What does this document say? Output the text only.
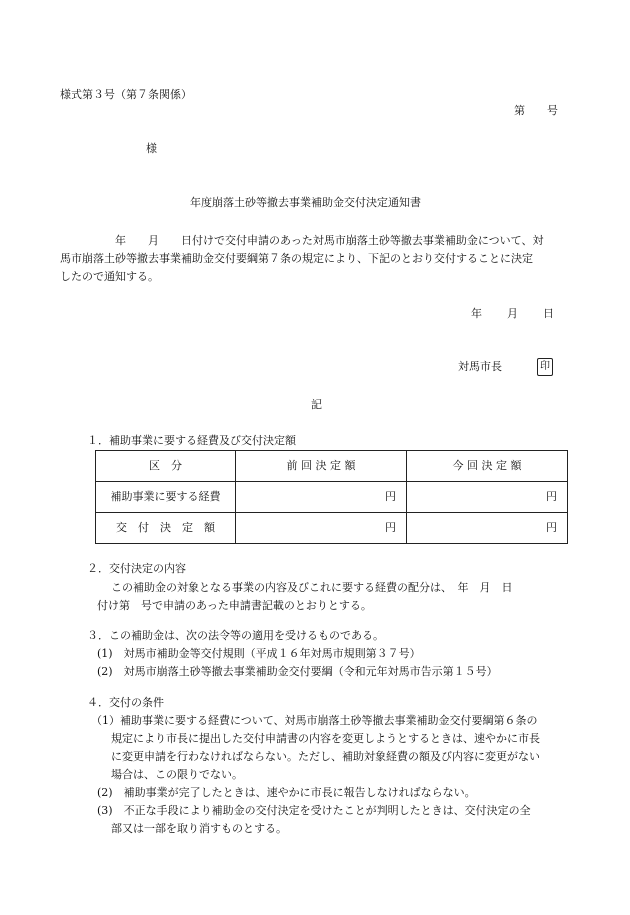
様式第３号（第７条関係）
第　　号
様
年度崩落土砂等撤去事業補助金交付決定通知書
　　　　　年　　月　　日付けで交付申請のあった対馬市崩落土砂等撤去事業補助金について、対
馬市崩落土砂等撤去事業補助金交付要綱第７条の規定により、下記のとおり交付することに決定
したので通知する。
年　　月　　日
対馬市長	印
記
１．補助事業に要する経費及び交付決定額
区　分	前 回 決 定 額	今 回 決 定 額
補助事業に要する経費	円	円
交　付　決　定　額	円	円
２．交付決定の内容
この補助金の対象となる事業の内容及びこれに要する経費の配分は、　年　月　日
付け第　号で申請のあった申請書記載のとおりとする。
３．この補助金は、次の法令等の適用を受けるものである。
(1)　対馬市補助金等交付規則（平成１６年対馬市規則第３７号）
(2)　対馬市崩落土砂等撤去事業補助金交付要綱（令和元年対馬市告示第１５号）
４．交付の条件
（1）補助事業に要する経費について、対馬市崩落土砂等撤去事業補助金交付要綱第６条の
規定により市長に提出した交付申請書の内容を変更しようとするときは、速やかに市長
に変更申請を行わなければならない。ただし、補助対象経費の額及び内容に変更がない
場合は、この限りでない。
(2)　補助事業が完了したときは、速やかに市長に報告しなければならない。
(3)　不正な手段により補助金の交付決定を受けたことが判明したときは、交付決定の全
部又は一部を取り消すものとする。
